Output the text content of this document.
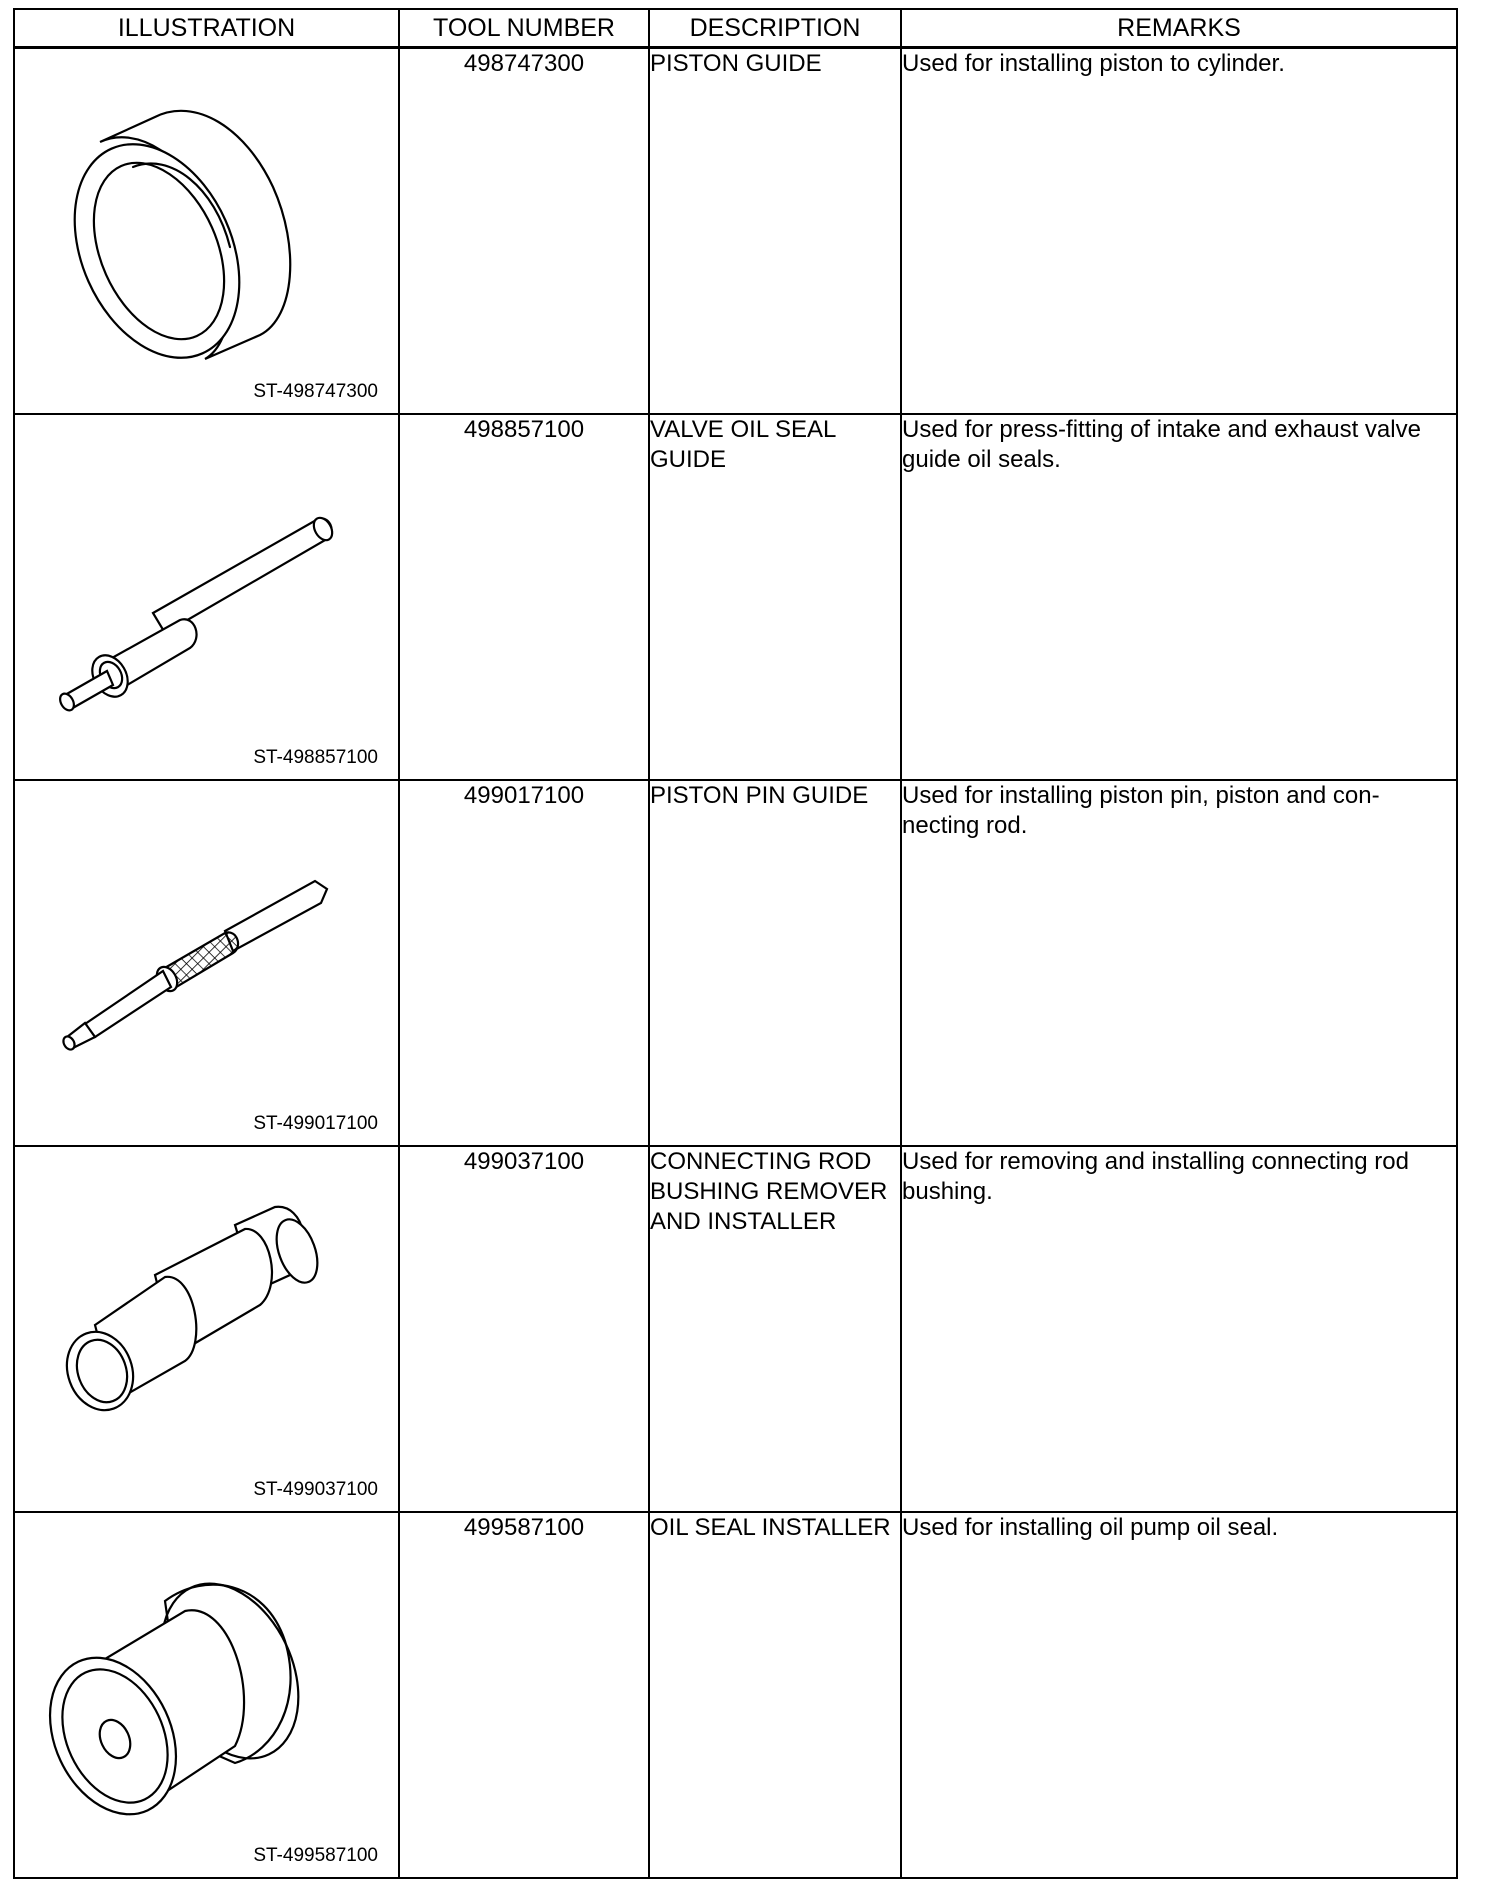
ILLUSTRATION	TOOL NUMBER	DESCRIPTION	REMARKS

ST-498747300	498747300	PISTON GUIDE	Used for installing piston to cylinder.

ST-498857100	498857100	VALVE OIL SEAL GUIDE	Used for press-fitting of intake and exhaust valve guide oil seals.

ST-499017100	499017100	PISTON PIN GUIDE	Used for installing piston pin, piston and con-necting rod.

ST-499037100	499037100	CONNECTING ROD BUSHING REMOVER AND INSTALLER	Used for removing and installing connecting rod bushing.

ST-499587100	499587100	OIL SEAL INSTALLER	Used for installing oil pump oil seal.
